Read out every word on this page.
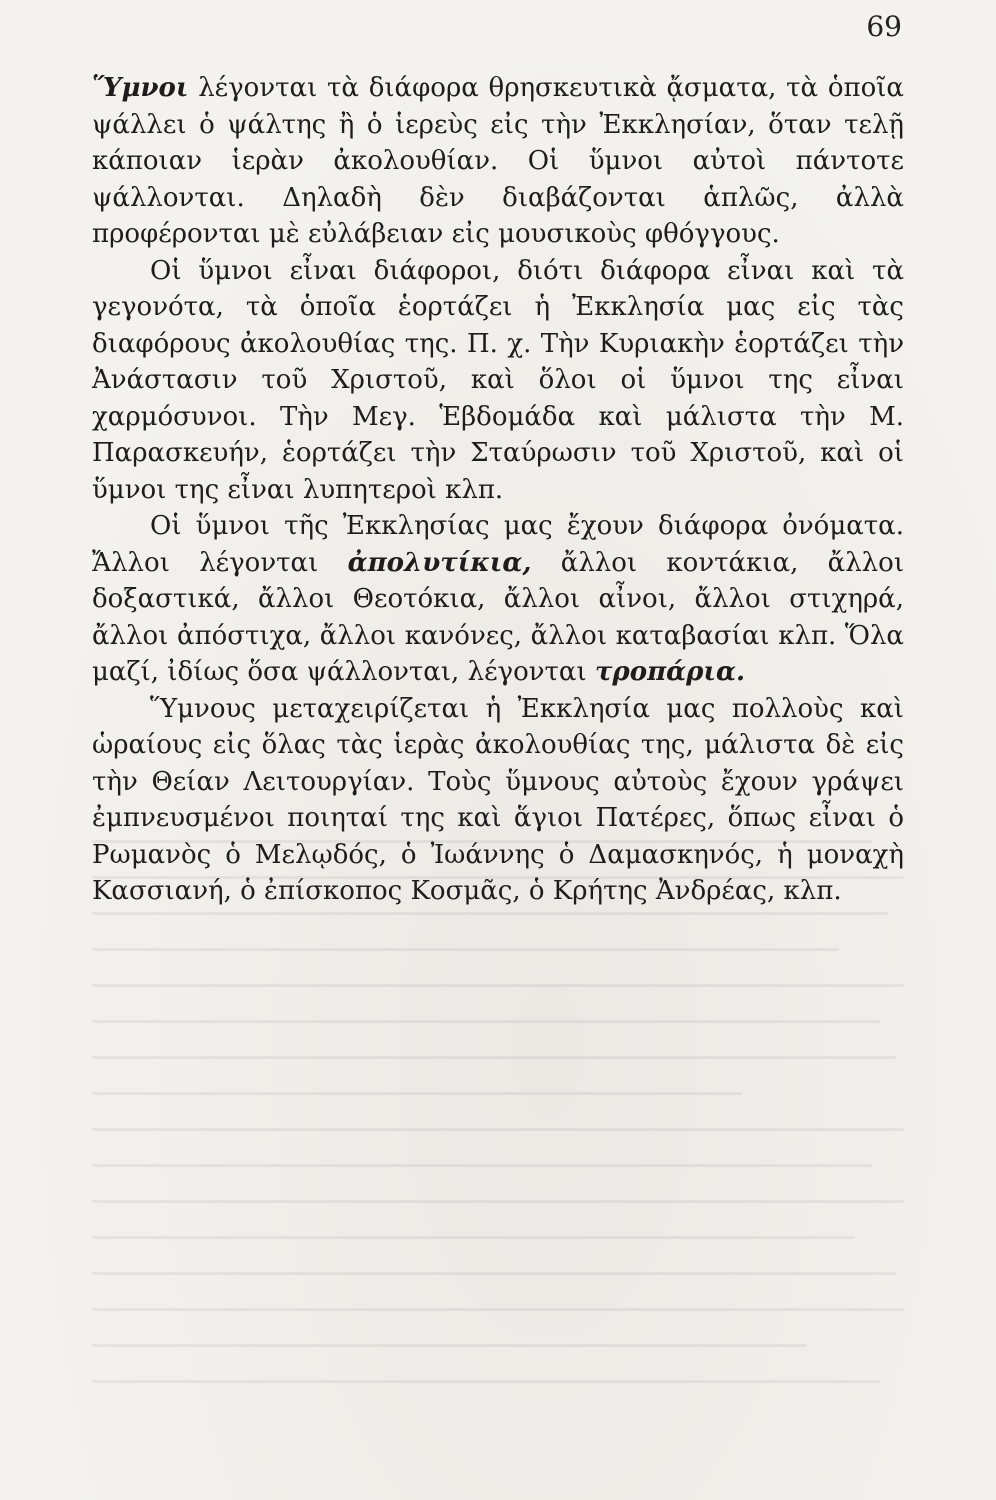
69

Ὕμνοι λέγονται τὰ διάφορα θρησκευτικὰ ᾄσματα, τὰ ὁποῖα ψάλλει ὁ ψάλτης ἢ ὁ ἱερεὺς εἰς τὴν Ἐκκλησίαν, ὅταν τελῇ κάποιαν ἱερὰν ἀκολουθίαν. Οἱ ὕμνοι αὐτοὶ πάντοτε ψάλλονται. Δηλαδὴ δὲν διαβάζονται ἁπλῶς, ἀλλὰ προφέρονται μὲ εὐλάβειαν εἰς μουσικοὺς φθόγγους.

Οἱ ὕμνοι εἶναι διάφοροι, διότι διάφορα εἶναι καὶ τὰ γεγονότα, τὰ ὁποῖα ἑορτάζει ἡ Ἐκκλησία μας εἰς τὰς διαφόρους ἀκολουθίας της. Π. χ. Τὴν Κυριακὴν ἑορτάζει τὴν Ἀνάστασιν τοῦ Χριστοῦ, καὶ ὅλοι οἱ ὕμνοι της εἶναι χαρμόσυνοι. Τὴν Μεγ. Ἑβδομάδα καὶ μάλιστα τὴν Μ. Παρασκευήν, ἑορτάζει τὴν Σταύρωσιν τοῦ Χριστοῦ, καὶ οἱ ὕμνοι της εἶναι λυπητεροὶ κλπ.

Οἱ ὕμνοι τῆς Ἐκκλησίας μας ἔχουν διάφορα ὀνόματα. Ἄλλοι λέγονται ἀπολυτίκια, ἄλλοι κοντάκια, ἄλλοι δοξαστικά, ἄλλοι Θεοτόκια, ἄλλοι αἶνοι, ἄλλοι στιχηρά, ἄλλοι ἀπόστιχα, ἄλλοι κανόνες, ἄλλοι καταβασίαι κλπ. Ὅλα μαζί, ἰδίως ὅσα ψάλλονται, λέγονται τροπάρια.

Ὕμνους μεταχειρίζεται ἡ Ἐκκλησία μας πολλοὺς καὶ ὡραίους εἰς ὅλας τὰς ἱερὰς ἀκολουθίας της, μάλιστα δὲ εἰς τὴν Θείαν Λειτουργίαν. Τοὺς ὕμνους αὐτοὺς ἔχουν γράψει ἐμπνευσμένοι ποιηταί της καὶ ἅγιοι Πατέρες, ὅπως εἶναι ὁ Ρωμανὸς ὁ Μελῳδός, ὁ Ἰωάννης ὁ Δαμασκηνός, ἡ μοναχὴ Κασσιανή, ὁ ἐπίσκοπος Κοσμᾶς, ὁ Κρήτης Ἀνδρέας, κλπ.
